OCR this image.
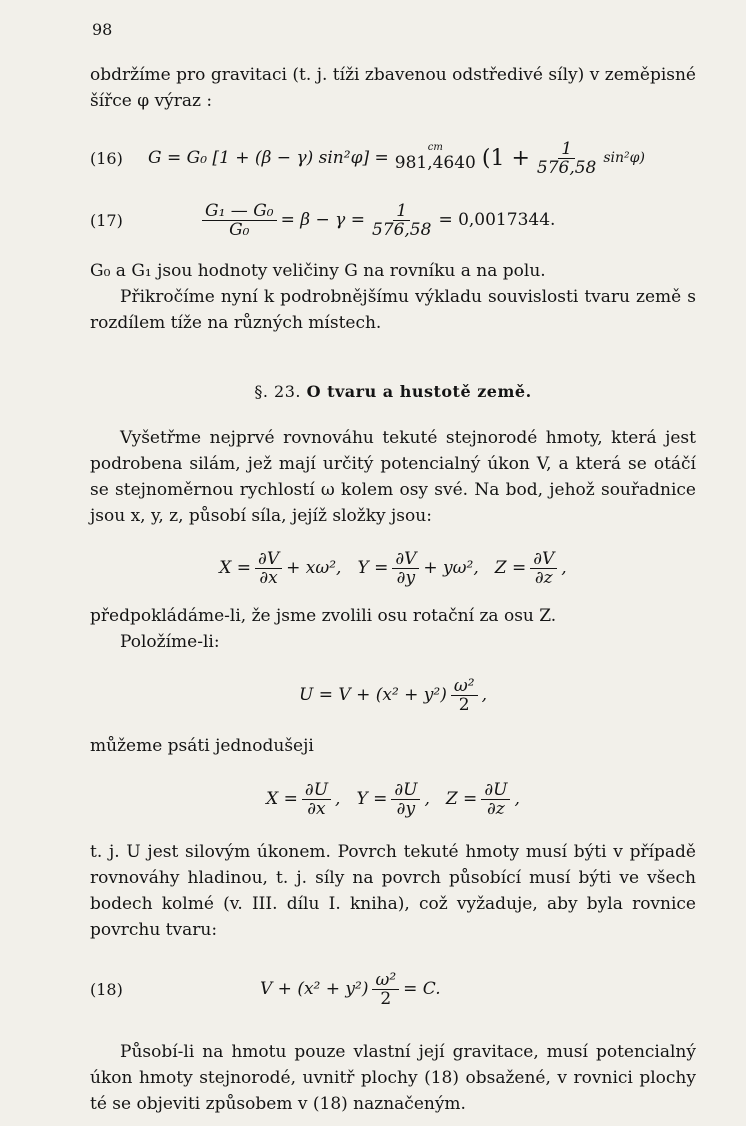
98

obdržíme pro gravitaci (t. j. tíži zbavenou odstředivé síly) v zeměpisné šířce φ výraz :

(16) G = G₀ [1 + (β − γ) sin²φ] =
cm
981,4640 $(1 + \frac{1}{576,58} \sin^2\varphi)$
(17)	$\frac{\text{G₁ — G₀}}{\text{G₀}} = \beta - \gamma = \frac{1}{576,58} = 0,0017344$.

G₀ a G₁ jsou hodnoty veličiny G na rovníku a na polu.

Přikročíme nyní k podrobnějšímu výkladu souvislosti tvaru země s rozdílem tíže na různých místech.

§. 23. O tvaru a hustotě země.

Vyšetřme nejprvé rovnováhu tekuté stejnorodé hmoty, která jest podrobena silám, jež mají určitý potencialný úkon V, a která se otáčí se stejnoměrnou rychlostí ω kolem osy své. Na bod, jehož souřadnice jsou x, y, z, působí síla, jejíž složky jsou:

$X = \frac{\partial V}{\partial x} + x\omega^2$, $Y = \frac{\partial V}{\partial y} + y\omega^2$, $Z = \frac{\partial V}{\partial z}$ ,

předpokládáme-li, že jsme zvolili osu rotační za osu Z.

Položíme-li:

$U = V + (x^2 + y^2) \frac{\text{ω²}}{2}$ ,

můžeme psáti jednodušeji

$X = \frac{\partial U}{\partial x}$ , $Y = \frac{\partial U}{\partial y}$ , $Z = \frac{\partial U}{\partial z}$ ,

t. j. U jest silovým úkonem. Povrch tekuté hmoty musí býti v případě rovnováhy hladinou, t. j. síly na povrch působící musí býti ve všech bodech kolmé (v. III. dílu I. kniha), což vyžaduje, aby byla rovnice povrchu tvaru:

(18)	$V + (x^2 + y^2) \frac{\text{ω²}}{2} = C$.

Působí-li na hmotu pouze vlastní její gravitace, musí potencialný úkon hmoty stejnorodé, uvnitř plochy (18) obsažené, v rovnici plochy té se objeviti způsobem v (18) naznačeným.
